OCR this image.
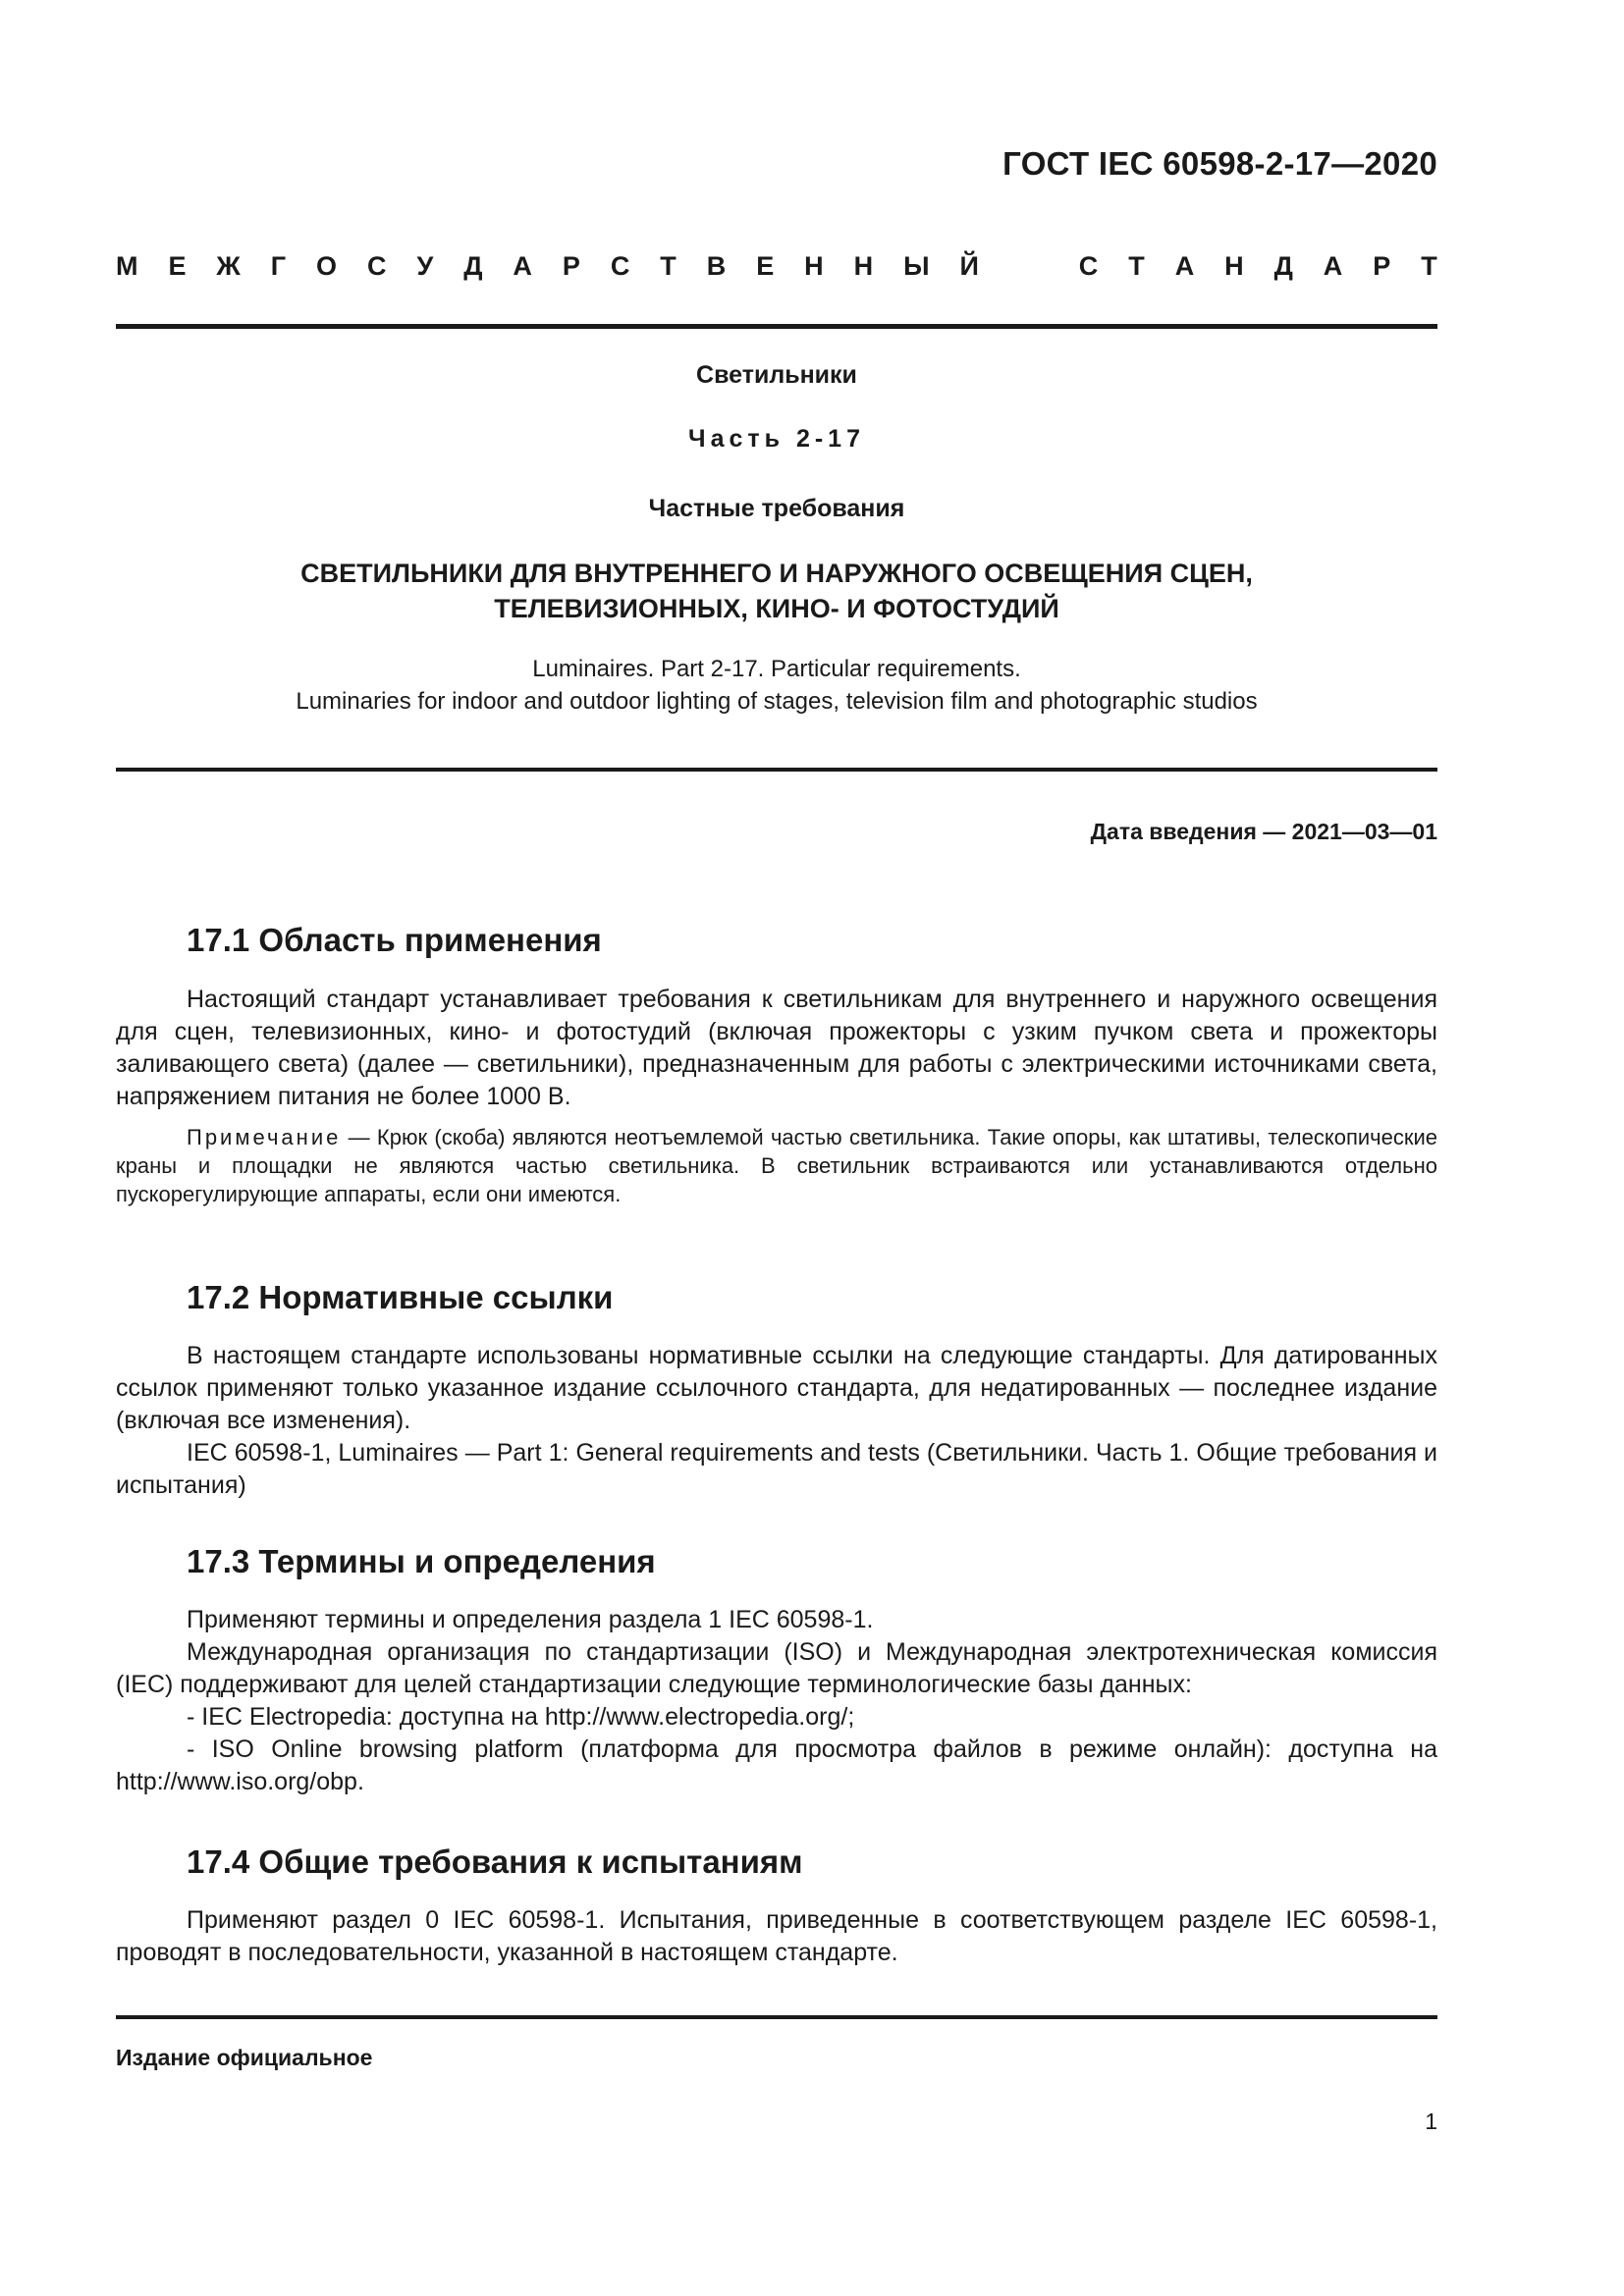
ГОСТ IEC 60598-2-17—2020
М Е Ж Г О С У Д А Р С Т В Е Н Н Ы Й	С Т А Н Д А Р Т
Светильники
Часть 2-17
Частные требования
СВЕТИЛЬНИКИ ДЛЯ ВНУТРЕННЕГО И НАРУЖНОГО ОСВЕЩЕНИЯ СЦЕН,
ТЕЛЕВИЗИОННЫХ, КИНО- И ФОТОСТУДИЙ
Luminaires. Part 2-17. Particular requirements.
Luminaries for indoor and outdoor lighting of stages, television film and photographic studios
Дата введения — 2021—03—01
17.1 Область применения

Настоящий стандарт устанавливает требования к светильникам для внутреннего и наружного освещения для сцен, телевизионных, кино- и фотостудий (включая прожекторы с узким пучком света и прожекторы заливающего света) (далее — светильники), предназначенным для работы с электрическими источниками света, напряжением питания не более 1000 В.

Примечание — Крюк (скоба) являются неотъемлемой частью светильника. Такие опоры, как штативы, телескопические краны и площадки не являются частью светильника. В светильник встраиваются или устанавливаются отдельно пускорегулирующие аппараты, если они имеются.

17.2 Нормативные ссылки

В настоящем стандарте использованы нормативные ссылки на следующие стандарты. Для датированных ссылок применяют только указанное издание ссылочного стандарта, для недатированных — последнее издание (включая все изменения).

IEC 60598-1, Luminaires — Part 1: General requirements and tests (Светильники. Часть 1. Общие требования и испытания)

17.3 Термины и определения

Применяют термины и определения раздела 1 IEC 60598-1.

Международная организация по стандартизации (ISO) и Международная электротехническая комиссия (IEC) поддерживают для целей стандартизации следующие терминологические базы данных:

- IEC Electropedia: доступна на http://www.electropedia.org/;

- ISO Online browsing platform (платформа для просмотра файлов в режиме онлайн): доступна на http://www.iso.org/obp.

17.4 Общие требования к испытаниям

Применяют раздел 0 IEC 60598-1. Испытания, приведенные в соответствующем разделе IEC 60598-1, проводят в последовательности, указанной в настоящем стандарте.

Издание официальное
1
